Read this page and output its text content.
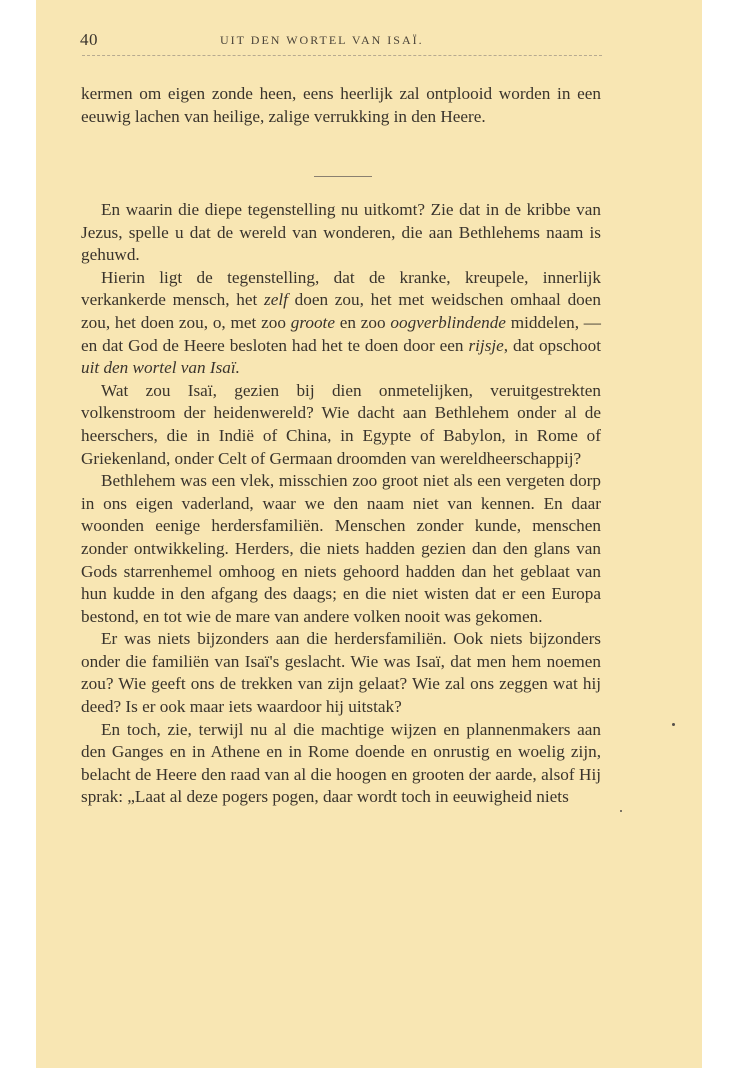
40	UIT DEN WORTEL VAN ISAÏ.

kermen om eigen zonde heen, eens heerlijk zal ontplooid worden in een eeuwig lachen van heilige, zalige verrukking in den Heere.

En waarin die diepe tegenstelling nu uitkomt? Zie dat in de kribbe van Jezus, spelle u dat de wereld van wonderen, die aan Bethlehems naam is gehuwd.

Hierin ligt de tegenstelling, dat de kranke, kreupele, innerlijk verkankerde mensch, het zelf doen zou, het met weidschen omhaal doen zou, het doen zou, o, met zoo groote en zoo oogverblindende middelen, — en dat God de Heere besloten had het te doen door een rijsje, dat opschoot uit den wortel van Isaï.

Wat zou Isaï, gezien bij dien onmetelijken, veruitgestrekten volkenstroom der heidenwereld? Wie dacht aan Bethlehem onder al de heerschers, die in Indië of China, in Egypte of Babylon, in Rome of Griekenland, onder Celt of Germaan droomden van wereldheerschappij?

Bethlehem was een vlek, misschien zoo groot niet als een vergeten dorp in ons eigen vaderland, waar we den naam niet van kennen. En daar woonden eenige herdersfamiliën. Menschen zonder kunde, menschen zonder ontwikkeling. Herders, die niets hadden gezien dan den glans van Gods starrenhemel omhoog en niets gehoord hadden dan het geblaat van hun kudde in den afgang des daags; en die niet wisten dat er een Europa bestond, en tot wie de mare van andere volken nooit was gekomen.

Er was niets bijzonders aan die herdersfamiliën. Ook niets bijzonders onder die familiën van Isaï's geslacht. Wie was Isaï, dat men hem noemen zou? Wie geeft ons de trekken van zijn gelaat? Wie zal ons zeggen wat hij deed? Is er ook maar iets waardoor hij uitstak?

En toch, zie, terwijl nu al die machtige wijzen en plannenmakers aan den Ganges en in Athene en in Rome doende en onrustig en woelig zijn, belacht de Heere den raad van al die hoogen en grooten der aarde, alsof Hij sprak: „Laat al deze pogers pogen, daar wordt toch in eeuwigheid niets
